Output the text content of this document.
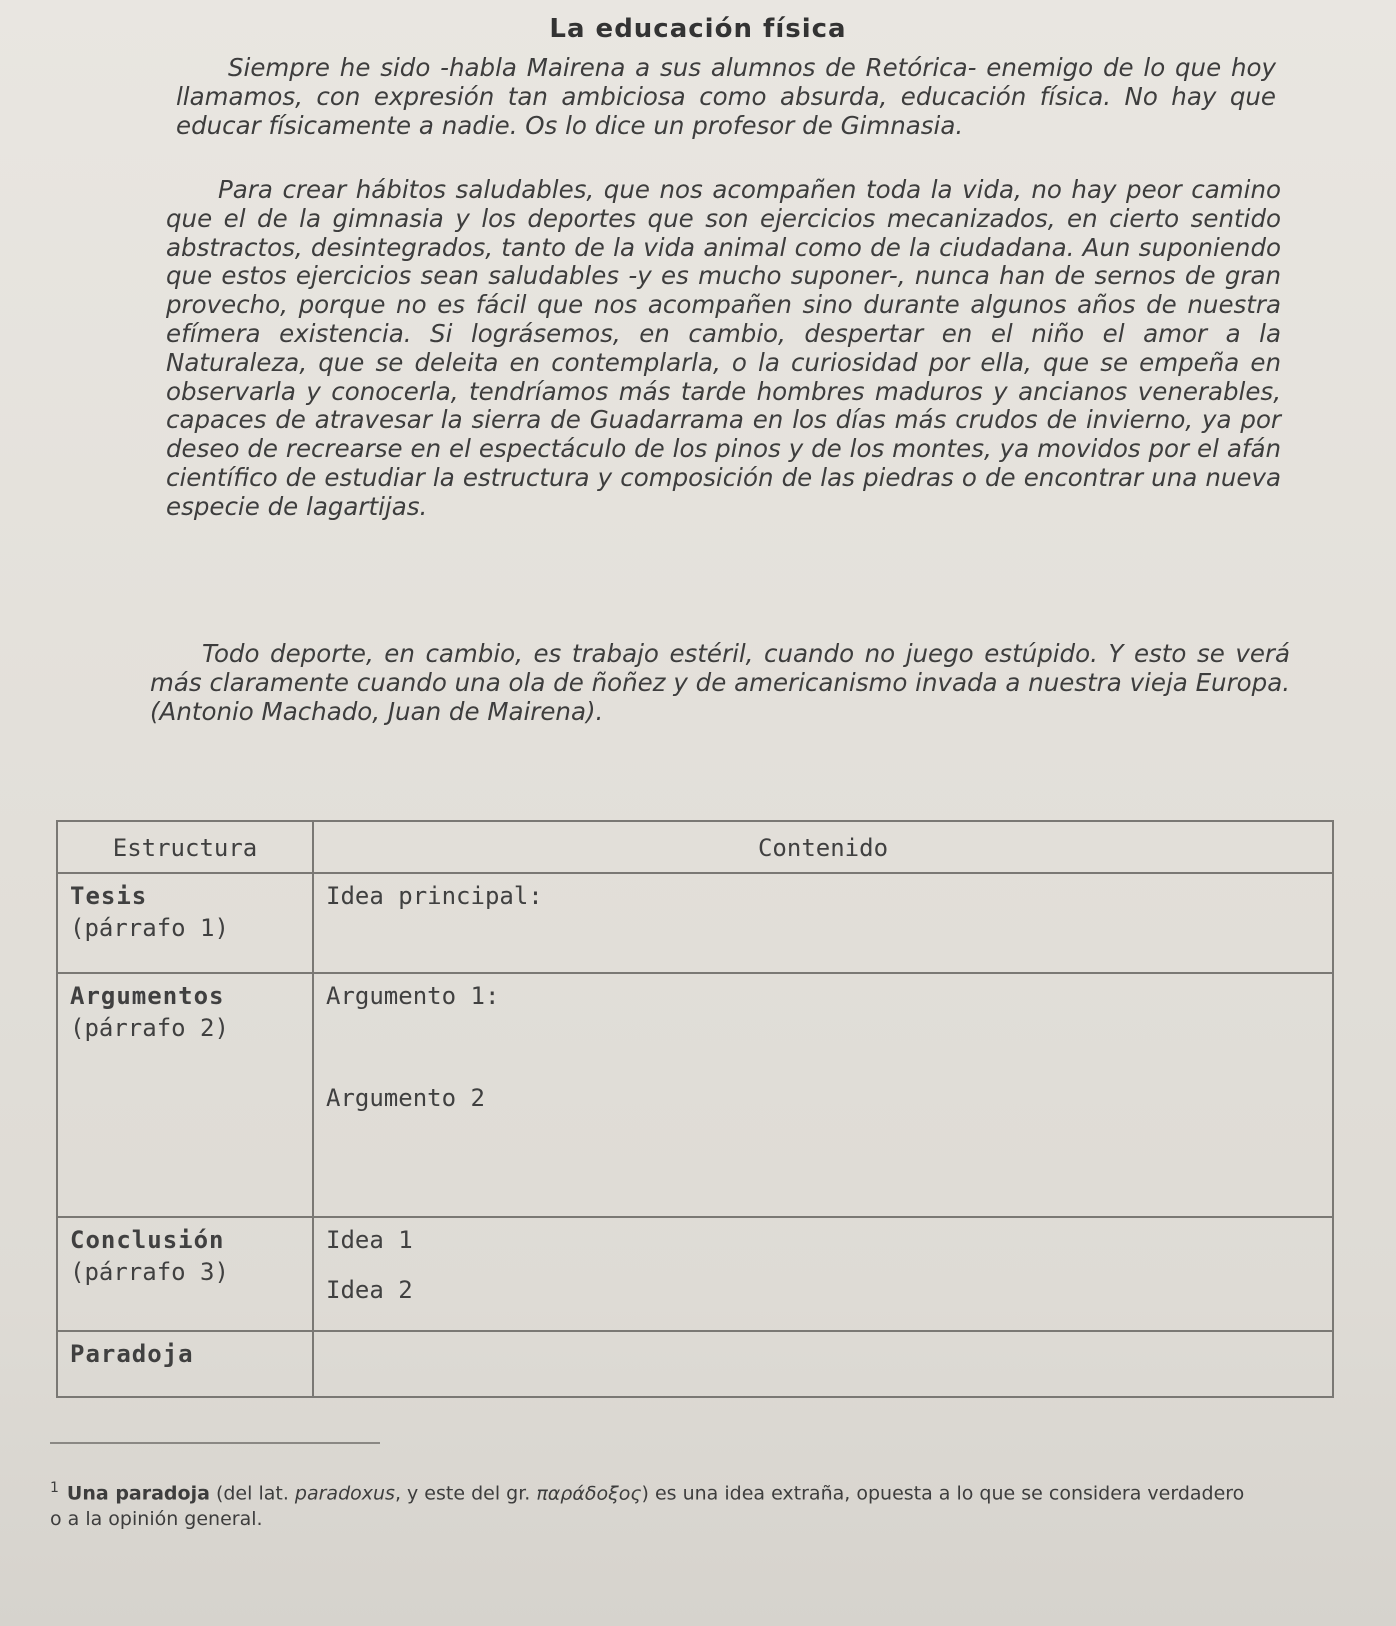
La educación física

Siempre he sido -habla Mairena a sus alumnos de Retórica- enemigo de lo que hoy llamamos, con expresión tan ambiciosa como absurda, educación física. No hay que educar físicamente a nadie. Os lo dice un profesor de Gimnasia.

Para crear hábitos saludables, que nos acompañen toda la vida, no hay peor camino que el de la gimnasia y los deportes que son ejercicios mecanizados, en cierto sentido abstractos, desintegrados, tanto de la vida animal como de la ciudadana. Aun suponiendo que estos ejercicios sean saludables -y es mucho suponer-, nunca han de sernos de gran provecho, porque no es fácil que nos acompañen sino durante algunos años de nuestra efímera existencia. Si lográsemos, en cambio, despertar en el niño el amor a la Naturaleza, que se deleita en contemplarla, o la curiosidad por ella, que se empeña en observarla y conocerla, tendríamos más tarde hombres maduros y ancianos venerables, capaces de atravesar la sierra de Guadarrama en los días más crudos de invierno, ya por deseo de recrearse en el espectáculo de los pinos y de los montes, ya movidos por el afán científico de estudiar la estructura y composición de las piedras o de encontrar una nueva especie de lagartijas.

Todo deporte, en cambio, es trabajo estéril, cuando no juego estúpido. Y esto se verá más claramente cuando una ola de ñoñez y de americanismo invada a nuestra vieja Europa. (Antonio Machado, Juan de Mairena).

Estructura	Contenido

Tesis
(párrafo 1)	Idea principal:

Argumentos
(párrafo 2)	Argumento 1:
Argumento 2

Conclusión
(párrafo 3)	Idea 1
Idea 2

Paradoja	

$^1$ Una paradoja (del lat. paradoxus, y este del gr. παράδοξος) es una idea extraña, opuesta a lo que se considera verdadero o a la opinión general.
